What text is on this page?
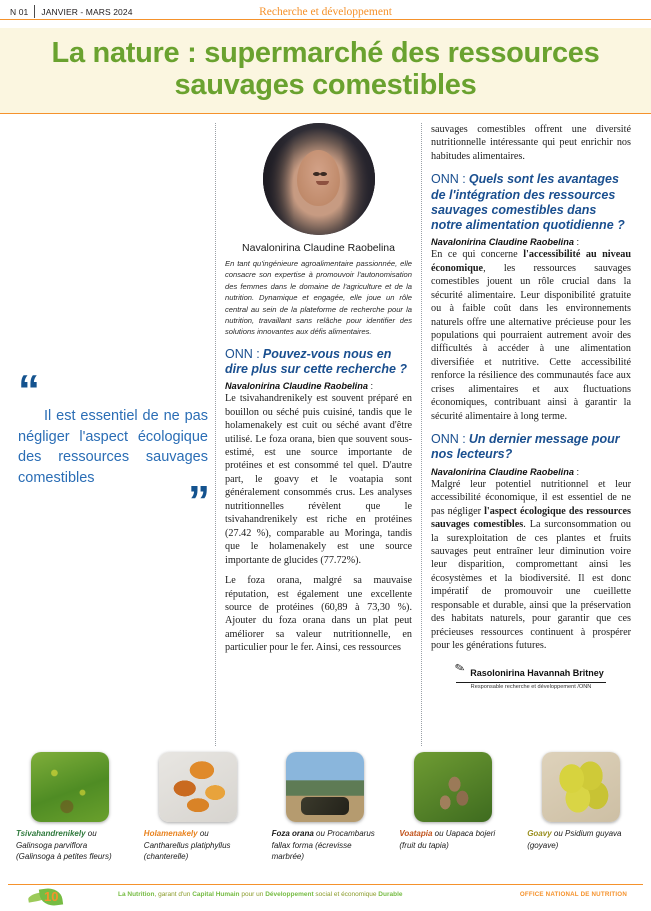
N 01	JANVIER - MARS 2024	Recherche et développement
La nature : supermarché des ressources sauvages comestibles
“

Il est essentiel de ne pas négliger l'aspect écologique des ressources sauvages comestibles	”
Navalonirina Claudine Raobelina

En tant qu'ingénieure agroalimentaire passionnée, elle consacre son expertise à promouvoir l'autonomisation des femmes dans le domaine de l'agriculture et de la nutrition. Dynamique et engagée, elle joue un rôle central au sein de la plateforme de recherche pour la nutrition, travaillant sans relâche pour identifier des solutions innovantes aux défis alimentaires.

ONN : Pouvez-vous nous en dire plus sur cette recherche ?
Navalonirina Claudine Raobelina :

Le tsivahandrenikely est souvent préparé en bouillon ou séché puis cuisiné, tandis que le holamenakely est cuit ou séché avant d'être utilisé. Le foza orana, bien que souvent sous-estimé, est une source importante de protéines et est consommé tel quel. D'autre part, le goavy et le voatapia sont généralement consommés crus. Les analyses nutritionnelles révèlent que le tsivahandrenikely est riche en protéines (27.42 %), comparable au Moringa, tandis que le holamenakely est une source importante de glucides (77.72%).

Le foza orana, malgré sa mauvaise réputation, est également une excellente source de protéines (60,89 à 73,30 %). Ajouter du foza orana dans un plat peut améliorer sa valeur nutritionnelle, en particulier pour le fer. Ainsi, ces ressources

sauvages comestibles offrent une diversité nutritionnelle intéressante qui peut enrichir nos habitudes alimentaires.

ONN : Quels sont les avantages de l'intégration des ressources sauvages comestibles dans notre alimentation quotidienne ?
Navalonirina Claudine Raobelina :

En ce qui concerne l'accessibilité au niveau économique, les ressources sauvages comestibles jouent un rôle crucial dans la sécurité alimentaire. Leur disponibilité gratuite ou à faible coût dans les environnements naturels offre une alternative précieuse pour les populations qui pourraient autrement avoir des difficultés à accéder à une alimentation diversifiée et nutritive. Cette accessibilité renforce la résilience des communautés face aux crises alimentaires et aux fluctuations économiques, contribuant ainsi à garantir la sécurité alimentaire à long terme.

ONN : Un dernier message pour nos lecteurs?
Navalonirina Claudine Raobelina :

Malgré leur potentiel nutritionnel et leur accessibilité économique, il est essentiel de ne pas négliger l'aspect écologique des ressources sauvages comestibles. La surconsommation ou la surexploitation de ces plantes et fruits sauvages peut entraîner leur diminution voire leur disparition, compromettant ainsi les écosystèmes et la biodiversité. Il est donc impératif de promouvoir une cueillette responsable et durable, ainsi que la préservation des habitats naturels, pour garantir que ces précieuses ressources continuent à prospérer pour les générations futures.

✎ Rasolonirina Havannah Britney
Responsable recherche et développement /ONN
Tsivahandrenikely ou Galinsoga parviflora (Galinsoga à petites fleurs)
Holamenakely ou Cantharellus platiphyllus (chanterelle)
Foza orana ou Procambarus fallax forma (écrevisse marbrée)
Voatapia ou Uapaca bojeri (fruit du tapia)
Goavy ou Psidium guyava (goyave)
10	La Nutrition, garant d'un Capital Humain pour un Développement social et économique Durable	OFFICE NATIONAL DE NUTRITION
